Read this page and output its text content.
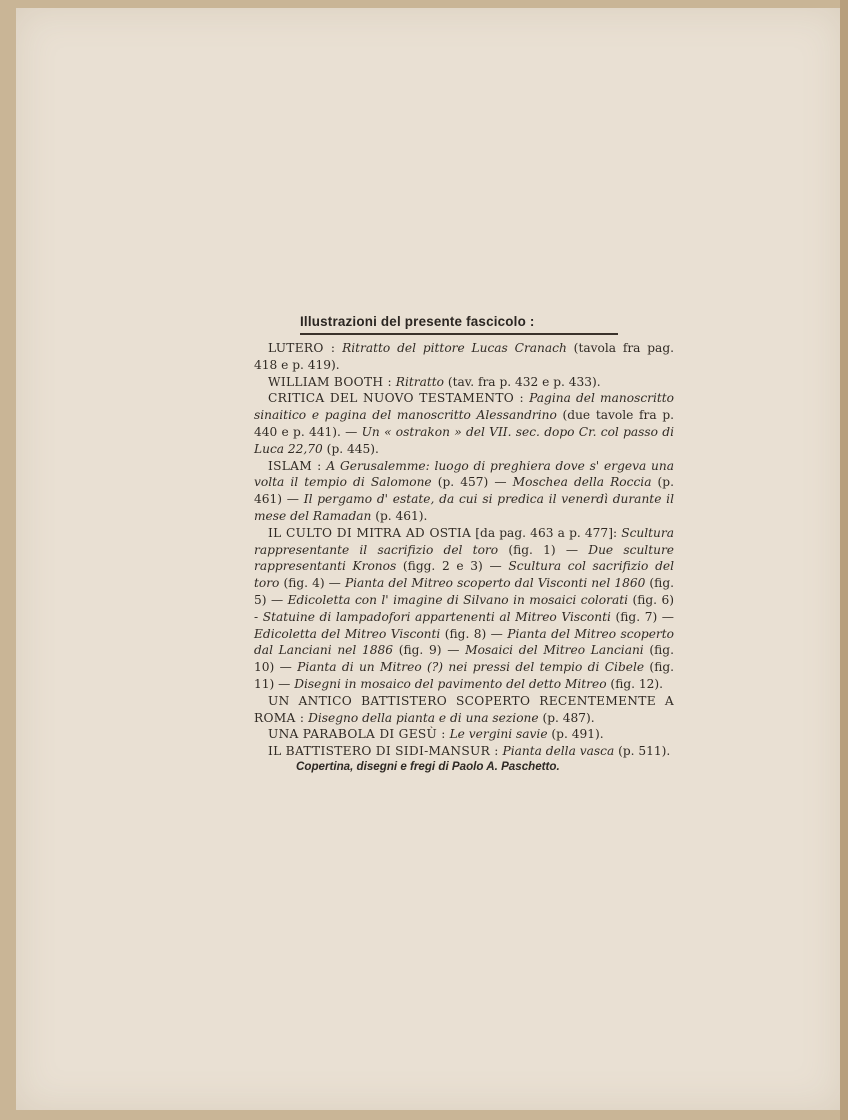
Illustrazioni del presente fascicolo :

LUTERO : Ritratto del pittore Lucas Cranach (tavola fra pag. 418 e p. 419).

WILLIAM BOOTH : Ritratto (tav. fra p. 432 e p. 433).

CRITICA DEL NUOVO TESTAMENTO : Pagina del manoscritto sinaitico e pagina del manoscritto Alessandrino (due tavole fra p. 440 e p. 441). — Un « ostrakon » del VII. sec. dopo Cr. col passo di Luca 22,70 (p. 445).

ISLAM : A Gerusalemme: luogo di preghiera dove s' ergeva una volta il tempio di Salomone (p. 457) — Moschea della Roccia (p. 461) — Il pergamo d' estate, da cui si predica il venerdì durante il mese del Ramadan (p. 461).

IL CULTO DI MITRA AD OSTIA [da pag. 463 a p. 477]: Scultura rappresentante il sacrifizio del toro (fig. 1) — Due sculture rappresentanti Kronos (figg. 2 e 3) — Scultura col sacrifizio del toro (fig. 4) — Pianta del Mitreo scoperto dal Visconti nel 1860 (fig. 5) — Edicoletta con l' imagine di Silvano in mosaici colorati (fig. 6) - Statuine di lampadofori appartenenti al Mitreo Visconti (fig. 7) — Edicoletta del Mitreo Visconti (fig. 8) — Pianta del Mitreo scoperto dal Lanciani nel 1886 (fig. 9) — Mosaici del Mitreo Lanciani (fig. 10) — Pianta di un Mitreo (?) nei pressi del tempio di Cibele (fig. 11) — Disegni in mosaico del pavimento del detto Mitreo (fig. 12).

UN ANTICO BATTISTERO SCOPERTO RECENTEMENTE A ROMA : Disegno della pianta e di una sezione (p. 487).

UNA PARABOLA DI GESÙ : Le vergini savie (p. 491).

IL BATTISTERO DI SIDI-MANSUR : Pianta della vasca (p. 511).

Copertina, disegni e fregi di Paolo A. Paschetto.
